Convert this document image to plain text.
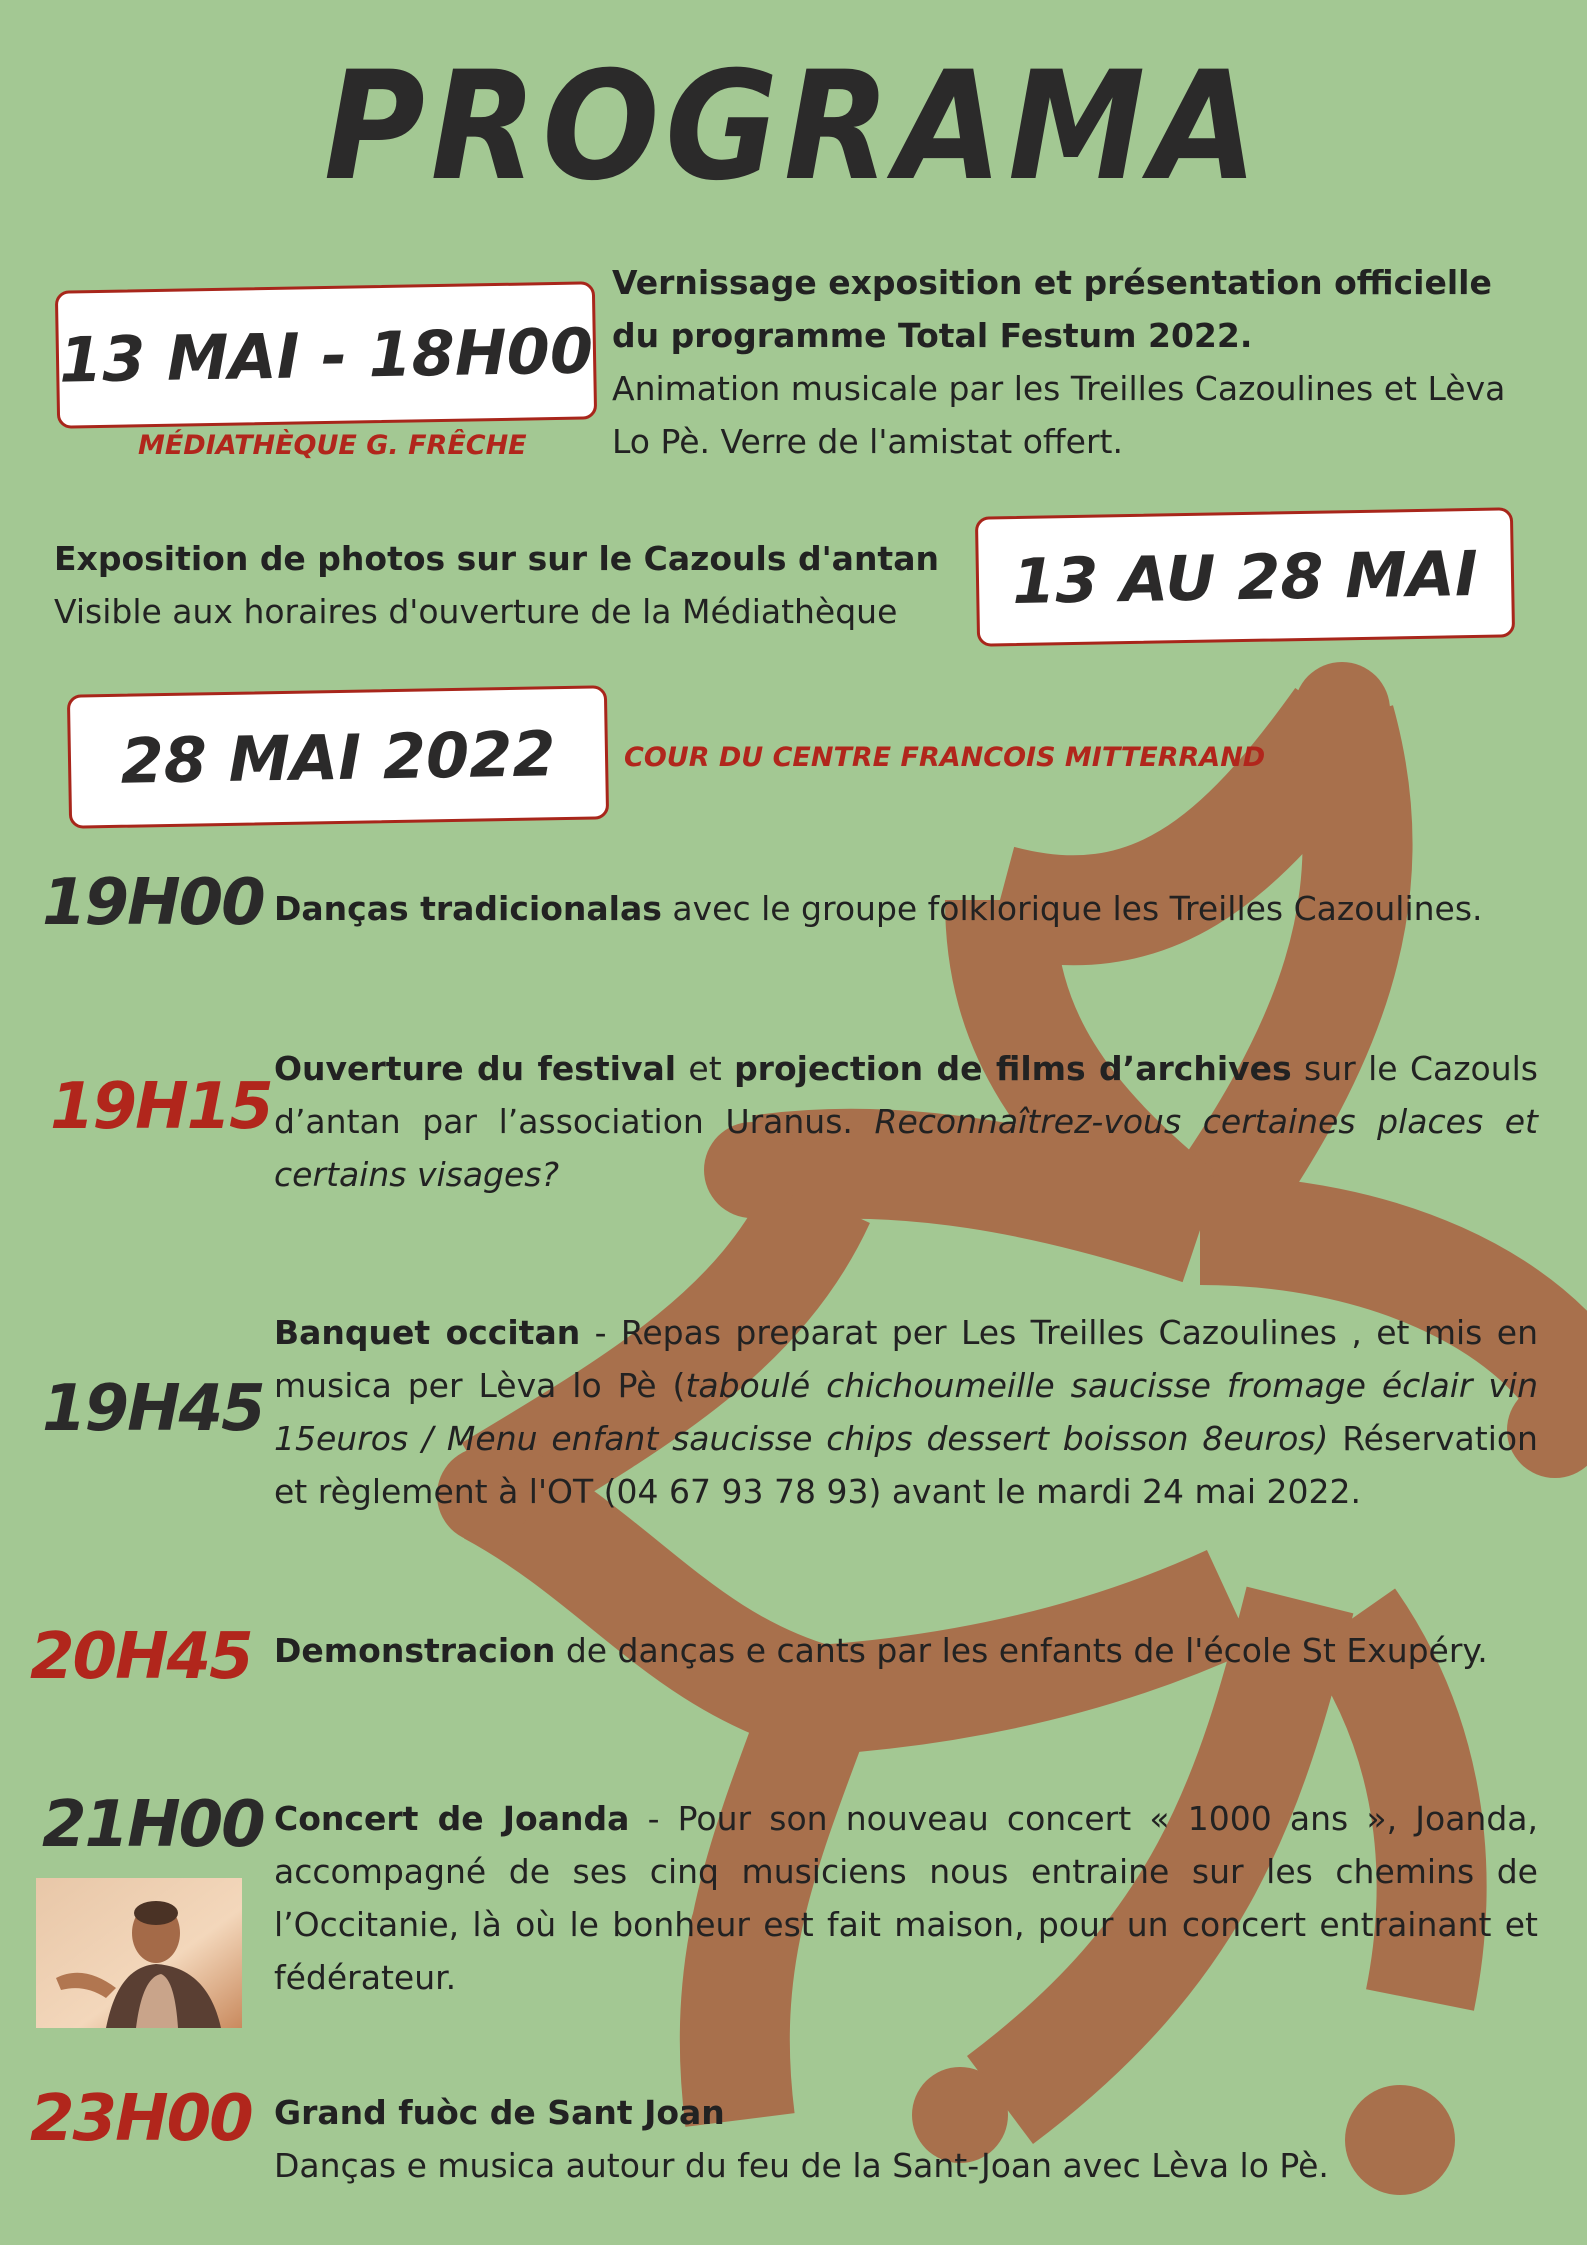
PROGRAMA
13 MAI - 18H00
MÉDIATHÈQUE G. FRÊCHE
Vernissage exposition et présentation officielle du programme Total Festum 2022.
Animation musicale par les Treilles Cazoulines et Lèva Lo Pè. Verre de l'amistat offert.
Exposition de photos sur sur le Cazouls d'antan
Visible aux horaires d'ouverture de la Médiathèque	13 AU 28 MAI
28 MAI 2022	COUR DU CENTRE FRANCOIS MITTERRAND
19H00 Danças tradicionalas avec le groupe folklorique les Treilles Cazoulines.
19H15
Ouverture du festival et projection de films d’archives sur le Cazouls d’antan par l’association Uranus. Reconnaîtrez-vous certaines places et certains visages?
19H45
Banquet occitan - Repas preparat per Les Treilles Cazoulines , et mis en musica per Lèva lo Pè (taboulé chichoumeille saucisse fromage éclair vin 15euros / Menu enfant saucisse chips dessert boisson 8euros) Réservation et règlement à l'OT (04 67 93 78 93) avant le mardi 24 mai 2022.
20H45 Demonstracion de danças e cants par les enfants de l'école St Exupéry.
21H00 Concert de Joanda - Pour son nouveau concert « 1000 ans », Joanda, accompagné de ses cinq musiciens nous entraine sur les chemins de l’Occitanie, là où le bonheur est fait maison, pour un concert entrainant et fédérateur.
23H00 Grand fuòc de Sant Joan
Danças e musica autour du feu de la Sant-Joan avec Lèva lo Pè.
